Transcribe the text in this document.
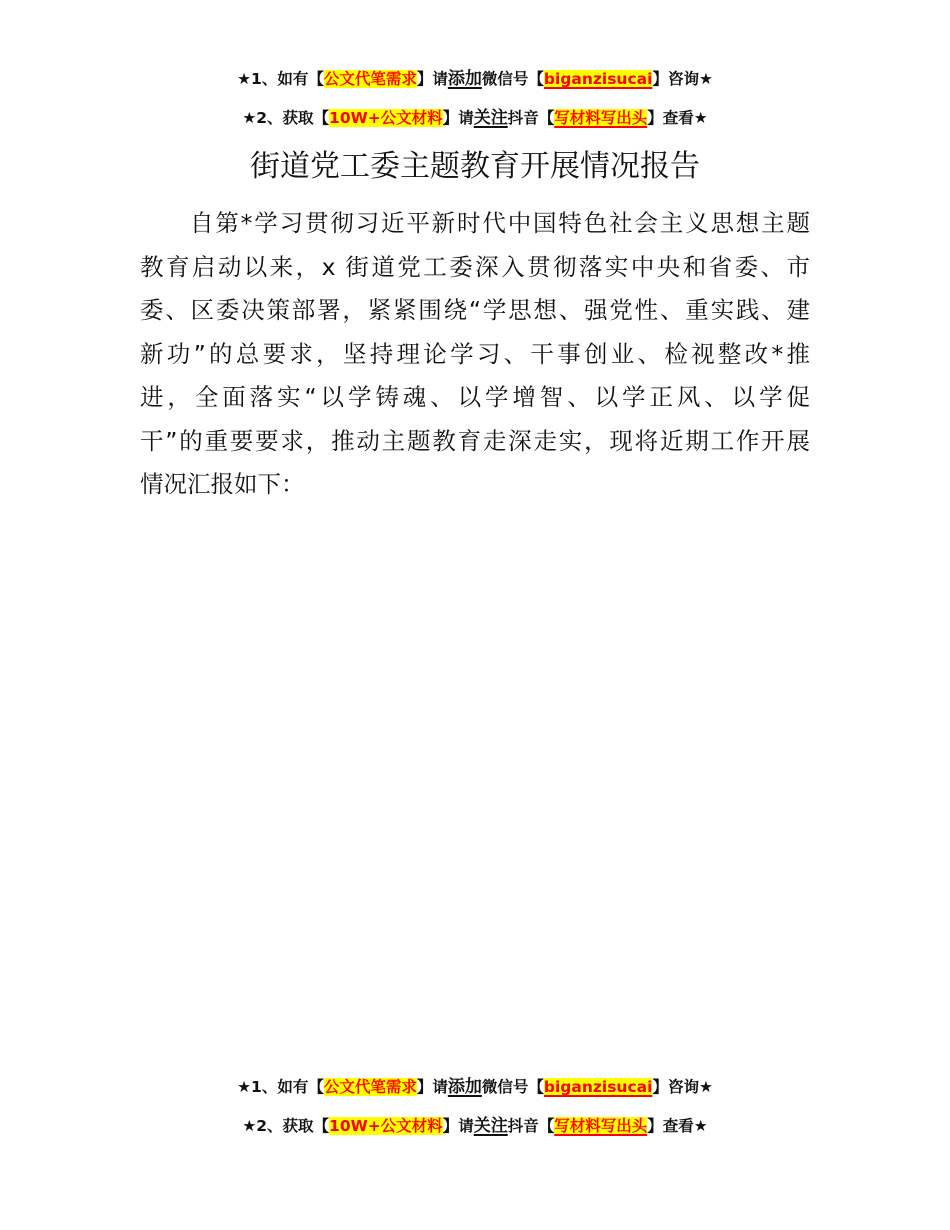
★1、如有【公文代笔需求】请添加微信号【biganzisucai】咨询★
★2、获取【10W+公文材料】请关注抖音【写材料写出头】查看★
街道党工委主题教育开展情况报告
自第*学习贯彻习近平新时代中国特色社会主义思想主题
教育启动以来，x 街道党工委深入贯彻落实中央和省委、市
委、区委决策部署，紧紧围绕“学思想、强党性、重实践、建
新功”的总要求，坚持理论学习、干事创业、检视整改*推
进，全面落实“以学铸魂、以学增智、以学正风、以学促
干”的重要要求，推动主题教育走深走实，现将近期工作开展
情况汇报如下：
★1、如有【公文代笔需求】请添加微信号【biganzisucai】咨询★
★2、获取【10W+公文材料】请关注抖音【写材料写出头】查看★
